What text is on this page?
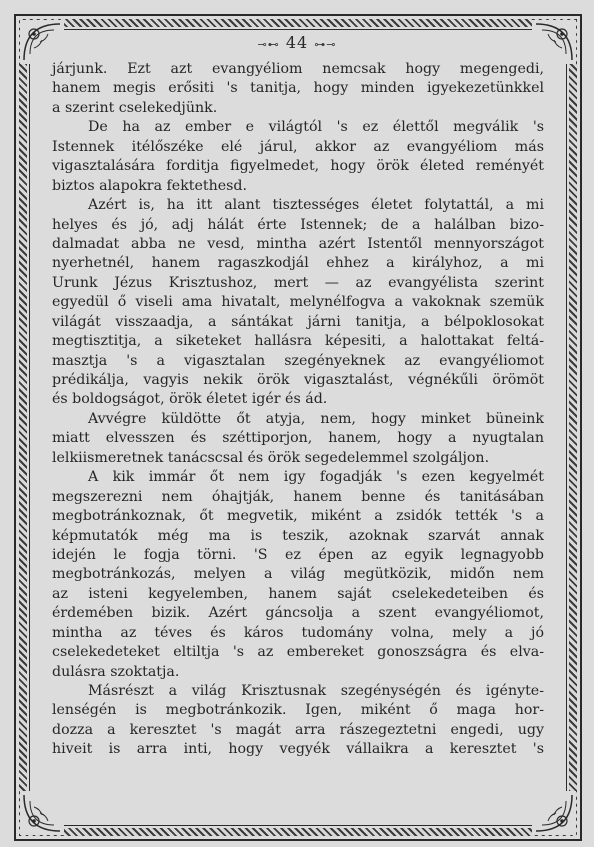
⊸⊷ 44 ⊶⊸
járjunk. Ezt azt evangyéliom nemcsak hogy megengedi,
hanem megis erősiti 's tanitja, hogy minden igyekezetünkkel
a szerint cselekedjünk.
De ha az ember e világtól 's ez élettől megválik 's
Istennek itélőszéke elé járul, akkor az evangyéliom más
vigasztalására forditja figyelmedet, hogy örök életed reményét
biztos alapokra fektethesd.
Azért is, ha itt alant tisztességes életet folytattál, a mi
helyes és jó, adj hálát érte Istennek; de a halálban bizo-
dalmadat abba ne vesd, mintha azért Istentől mennyországot
nyerhetnél, hanem ragaszkodjál ehhez a királyhoz, a mi
Urunk Jézus Krisztushoz, mert — az evangyélista szerint
egyedül ő viseli ama hivatalt, melynélfogva a vakoknak szemük
világát visszaadja, a sántákat járni tanitja, a bélpoklosokat
megtisztitja, a siketeket hallásra képesiti, a halottakat feltá-
masztja 's a vigasztalan szegényeknek az evangyéliomot
prédikálja, vagyis nekik örök vigasztalást, végnékűli örömöt
és boldogságot, örök életet igér és ád.
Avvégre küldötte őt atyja, nem, hogy minket büneink
miatt elvesszen és széttiporjon, hanem, hogy a nyugtalan
lelkiismeretnek tanácscsal és örök segedelemmel szolgáljon.
A kik immár őt nem igy fogadják 's ezen kegyelmét
megszerezni nem óhajtják, hanem benne és tanitásában
megbotránkoznak, őt megvetik, miként a zsidók tették 's a
képmutatók még ma is teszik, azoknak szarvát annak
idején le fogja törni. 'S ez épen az egyik legnagyobb
megbotránkozás, melyen a világ megütközik, midőn nem
az isteni kegyelemben, hanem saját cselekedeteiben és
érdemében bizik. Azért gáncsolja a szent evangyéliomot,
mintha az téves és káros tudomány volna, mely a jó
cselekedeteket eltiltja 's az embereket gonoszságra és elva-
dulásra szoktatja.
Másrészt a világ Krisztusnak szegénységén és igényte-
lenségén is megbotránkozik. Igen, miként ő maga hor-
dozza a keresztet 's magát arra rászegeztetni engedi, ugy
hiveit is arra inti, hogy vegyék vállaikra a keresztet 's
